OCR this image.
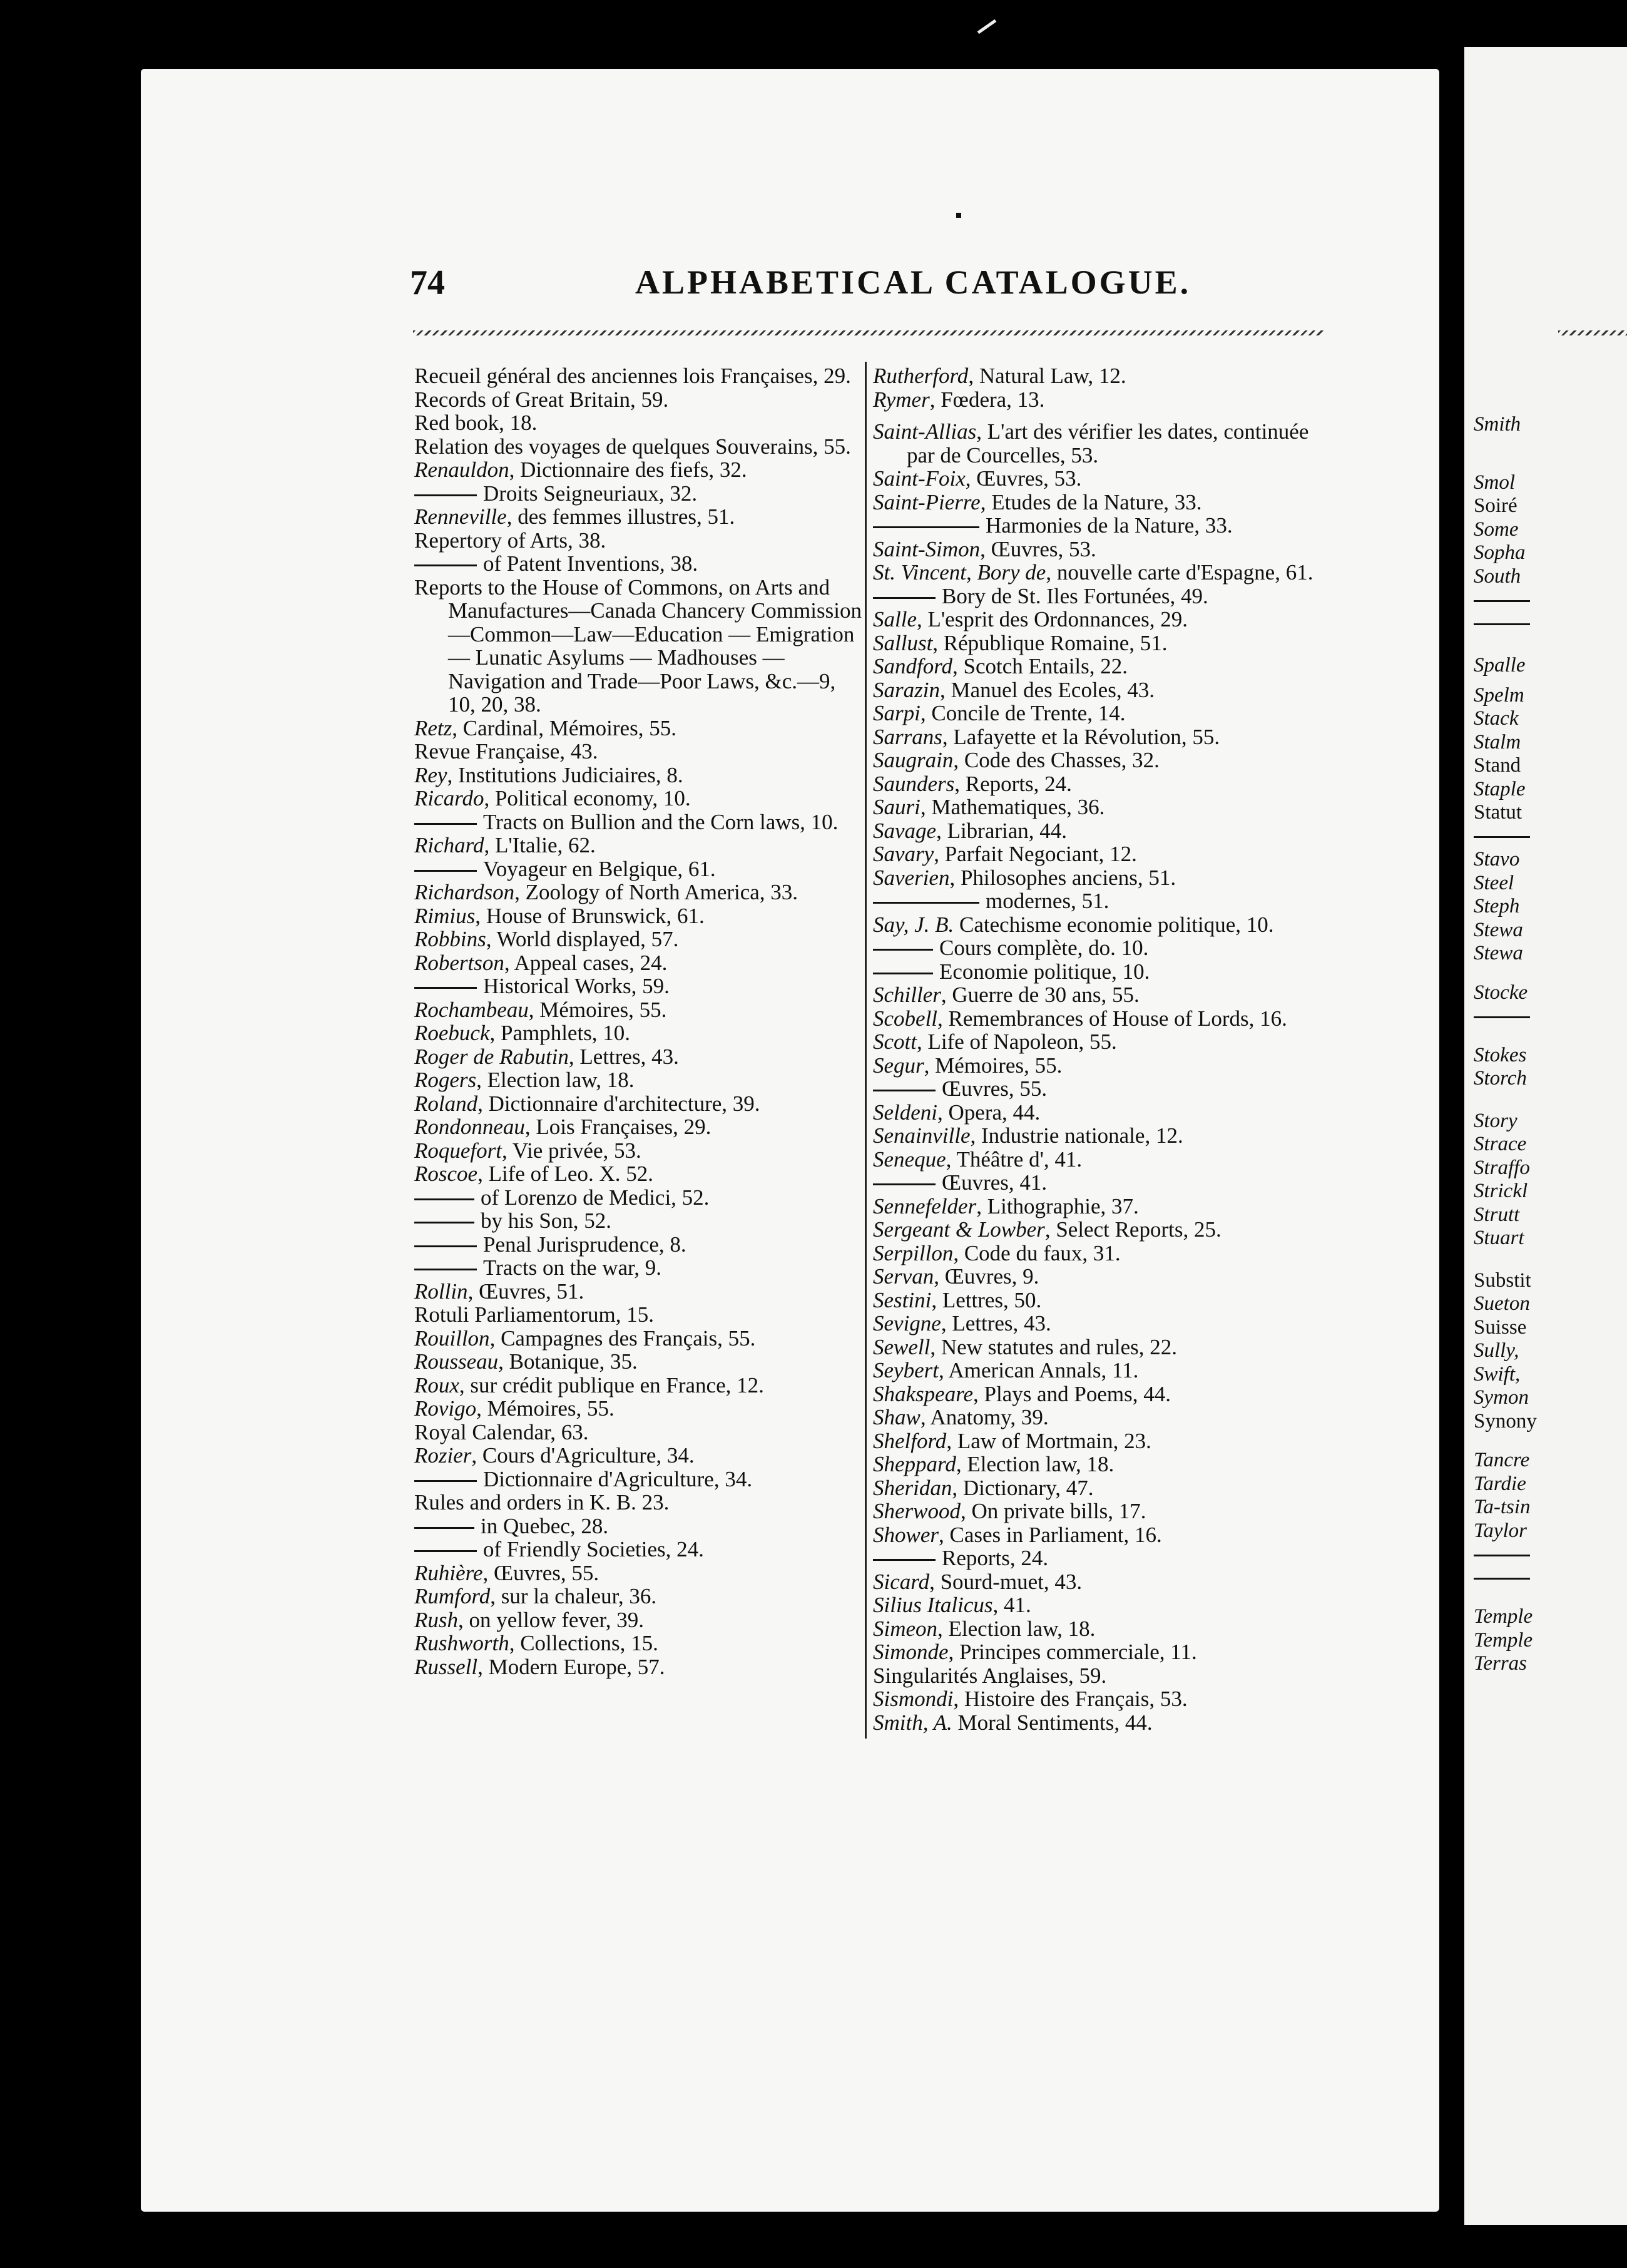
Smith
Smol
Soiré
Some
Sopha
South
Spalle
Spelm
Stack
Stalm
Stand
Staple
Statut
Stavo
Steel
Steph
Stewa
Stewa
Stocke
Stokes
Storch
Story
Strace
Straffo
Strickl
Strutt
Stuart
Substit
Sueton
Suisse
Sully,
Swift,
Symon
Synony
Tancre
Tardie
Ta-tsin
Taylor
Temple
Temple
Terras
74	ALPHABETICAL CATALOGUE.
Recueil général des anciennes lois Françaises, 29.
Records of Great Britain, 59.
Red book, 18.
Relation des voyages de quelques Souverains, 55.
Renauldon, Dictionnaire des fiefs, 32.
Droits Seigneuriaux, 32.
Renneville, des femmes illustres, 51.
Repertory of Arts, 38.
of Patent Inventions, 38.
Reports to the House of Commons, on Arts and Manufactures—Canada Chancery Commission—Common—Law—Education — Emigration — Lunatic Asylums — Madhouses — Navigation and Trade—Poor Laws, &c.—9, 10, 20, 38.
Retz, Cardinal, Mémoires, 55.
Revue Française, 43.
Rey, Institutions Judiciaires, 8.
Ricardo, Political economy, 10.
Tracts on Bullion and the Corn laws, 10.
Richard, L'Italie, 62.
Voyageur en Belgique, 61.
Richardson, Zoology of North America, 33.
Rimius, House of Brunswick, 61.
Robbins, World displayed, 57.
Robertson, Appeal cases, 24.
Historical Works, 59.
Rochambeau, Mémoires, 55.
Roebuck, Pamphlets, 10.
Roger de Rabutin, Lettres, 43.
Rogers, Election law, 18.
Roland, Dictionnaire d'architecture, 39.
Rondonneau, Lois Françaises, 29.
Roquefort, Vie privée, 53.
Roscoe, Life of Leo. X. 52.
of Lorenzo de Medici, 52.
by his Son, 52.
Penal Jurisprudence, 8.
Tracts on the war, 9.
Rollin, Œuvres, 51.
Rotuli Parliamentorum, 15.
Rouillon, Campagnes des Français, 55.
Rousseau, Botanique, 35.
Roux, sur crédit publique en France, 12.
Rovigo, Mémoires, 55.
Royal Calendar, 63.
Rozier, Cours d'Agriculture, 34.
Dictionnaire d'Agriculture, 34.
Rules and orders in K. B. 23.
in Quebec, 28.
of Friendly Societies, 24.
Ruhière, Œuvres, 55.
Rumford, sur la chaleur, 36.
Rush, on yellow fever, 39.
Rushworth, Collections, 15.
Russell, Modern Europe, 57.
Rutherford, Natural Law, 12.
Rymer, Fœdera, 13.
Saint-Allias, L'art des vérifier les dates, continuée par de Courcelles, 53.
Saint-Foix, Œuvres, 53.
Saint-Pierre, Etudes de la Nature, 33.
Harmonies de la Nature, 33.
Saint-Simon, Œuvres, 53.
St. Vincent, Bory de, nouvelle carte d'Espagne, 61.
Bory de St. Iles Fortunées, 49.
Salle, L'esprit des Ordonnances, 29.
Sallust, République Romaine, 51.
Sandford, Scotch Entails, 22.
Sarazin, Manuel des Ecoles, 43.
Sarpi, Concile de Trente, 14.
Sarrans, Lafayette et la Révolution, 55.
Saugrain, Code des Chasses, 32.
Saunders, Reports, 24.
Sauri, Mathematiques, 36.
Savage, Librarian, 44.
Savary, Parfait Negociant, 12.
Saverien, Philosophes anciens, 51.
modernes, 51.
Say, J. B. Catechisme economie politique, 10.
Cours complète, do. 10.
Economie politique, 10.
Schiller, Guerre de 30 ans, 55.
Scobell, Remembrances of House of Lords, 16.
Scott, Life of Napoleon, 55.
Segur, Mémoires, 55.
Œuvres, 55.
Seldeni, Opera, 44.
Senainville, Industrie nationale, 12.
Seneque, Théâtre d', 41.
Œuvres, 41.
Sennefelder, Lithographie, 37.
Sergeant & Lowber, Select Reports, 25.
Serpillon, Code du faux, 31.
Servan, Œuvres, 9.
Sestini, Lettres, 50.
Sevigne, Lettres, 43.
Sewell, New statutes and rules, 22.
Seybert, American Annals, 11.
Shakspeare, Plays and Poems, 44.
Shaw, Anatomy, 39.
Shelford, Law of Mortmain, 23.
Sheppard, Election law, 18.
Sheridan, Dictionary, 47.
Sherwood, On private bills, 17.
Shower, Cases in Parliament, 16.
Reports, 24.
Sicard, Sourd-muet, 43.
Silius Italicus, 41.
Simeon, Election law, 18.
Simonde, Principes commerciale, 11.
Singularités Anglaises, 59.
Sismondi, Histoire des Français, 53.
Smith, A. Moral Sentiments, 44.
